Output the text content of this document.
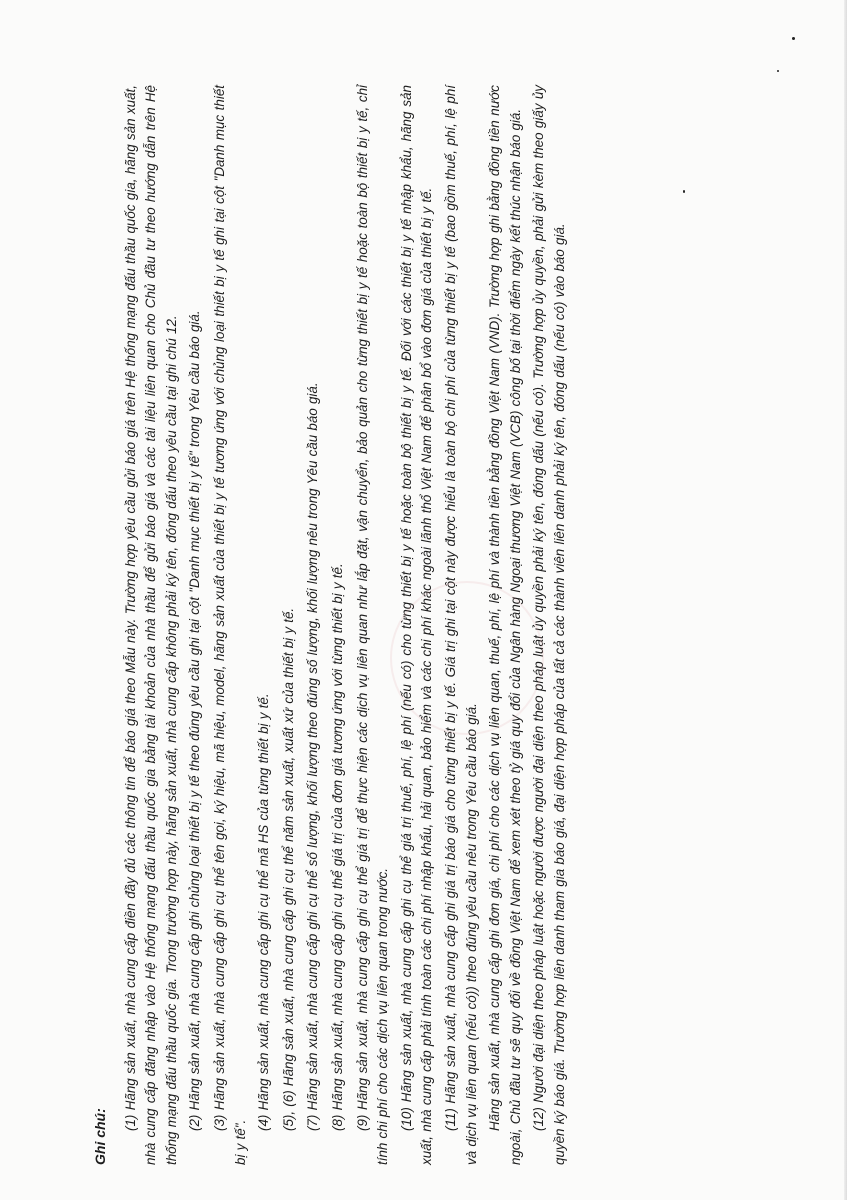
Ghi chú:

(1) Hãng sản xuất, nhà cung cấp điền đầy đủ các thông tin để báo giá theo Mẫu này. Trường hợp yêu cầu gửi báo giá trên Hệ thống mạng đấu thầu quốc gia, hãng sản xuất, nhà cung cấp đăng nhập vào Hệ thống mạng đấu thầu quốc gia bằng tài khoản của nhà thầu để gửi báo giá và các tài liệu liên quan cho Chủ đầu tư theo hướng dẫn trên Hệ thống mạng đấu thầu quốc gia. Trong trường hợp này, hãng sản xuất, nhà cung cấp không phải ký tên, đóng dấu theo yêu cầu tại ghi chú 12. (2) Hãng sản xuất, nhà cung cấp ghi chủng loại thiết bị y tế theo đúng yêu cầu ghi tại cột "Danh mục thiết bị y tế" trong Yêu cầu báo giá. (3) Hãng sản xuất, nhà cung cấp ghi cụ thể tên gọi, ký hiệu, mã hiệu, model, hãng sản xuất của thiết bị y tế tương ứng với chủng loại thiết bị y tế ghi tại cột "Danh mục thiết bị y tế".

(4) Hãng sản xuất, nhà cung cấp ghi cụ thể mã HS của từng thiết bị y tế. (5), (6) Hãng sản xuất, nhà cung cấp ghi cụ thể năm sản xuất, xuất xứ của thiết bị y tế. (7) Hãng sản xuất, nhà cung cấp ghi cụ thể số lượng, khối lượng theo đúng số lượng, khối lượng nêu trong Yêu cầu báo giá. (8) Hãng sản xuất, nhà cung cấp ghi cụ thể giá trị của đơn giá tương ứng với từng thiết bị y tế. (9) Hãng sản xuất, nhà cung cấp ghi cụ thể giá trị để thực hiện các dịch vụ liên quan như lắp đặt, vận chuyển, bảo quản cho từng thiết bị y tế hoặc toàn bộ thiết bị y tế, chỉ tính chi phí cho các dịch vụ liên quan trong nước. (10) Hãng sản xuất, nhà cung cấp ghi cụ thể giá trị thuế, phí, lệ phí (nếu có) cho từng thiết bị y tế hoặc toàn bộ thiết bị y tế. Đối với các thiết bị y tế nhập khẩu, hãng sản xuất, nhà cung cấp phải tính toàn các chi phí nhập khẩu, hải quan, bảo hiểm và các chi phí khác ngoài lãnh thổ Việt Nam để phân bổ vào đơn giá của thiết bị y tế. (11) Hãng sản xuất, nhà cung cấp ghi giá trị báo giá cho từng thiết bị y tế. Giá trị ghi tại cột này được hiểu là toàn bộ chi phí của từng thiết bị y tế (bao gồm thuế, phí, lệ phí và dịch vụ liên quan (nếu có)) theo đúng yêu cầu nêu trong Yêu cầu báo giá. Hãng sản xuất, nhà cung cấp ghi đơn giá, chi phí cho các dịch vụ liên quan, thuế, phí, lệ phí và thành tiền bằng đồng Việt Nam (VND). Trường hợp ghi bằng đồng tiền nước ngoài, Chủ đầu tư sẽ quy đổi về đồng Việt Nam để xem xét theo tỷ giá quy đổi của Ngân hàng Ngoại thương Việt Nam (VCB) công bố tại thời điểm ngày kết thúc nhận báo giá. (12) Người đại diện theo pháp luật hoặc người được người đại diện theo pháp luật ủy quyền phải ký tên, đóng dấu (nếu có). Trường hợp ủy quyền, phải gửi kèm theo giấy ủy quyền ký báo giá. Trường hợp liên danh tham gia báo giá, đại diện hợp pháp của tất cả các thành viên liên danh phải ký tên, đóng dấu (nếu có) vào báo giá.
